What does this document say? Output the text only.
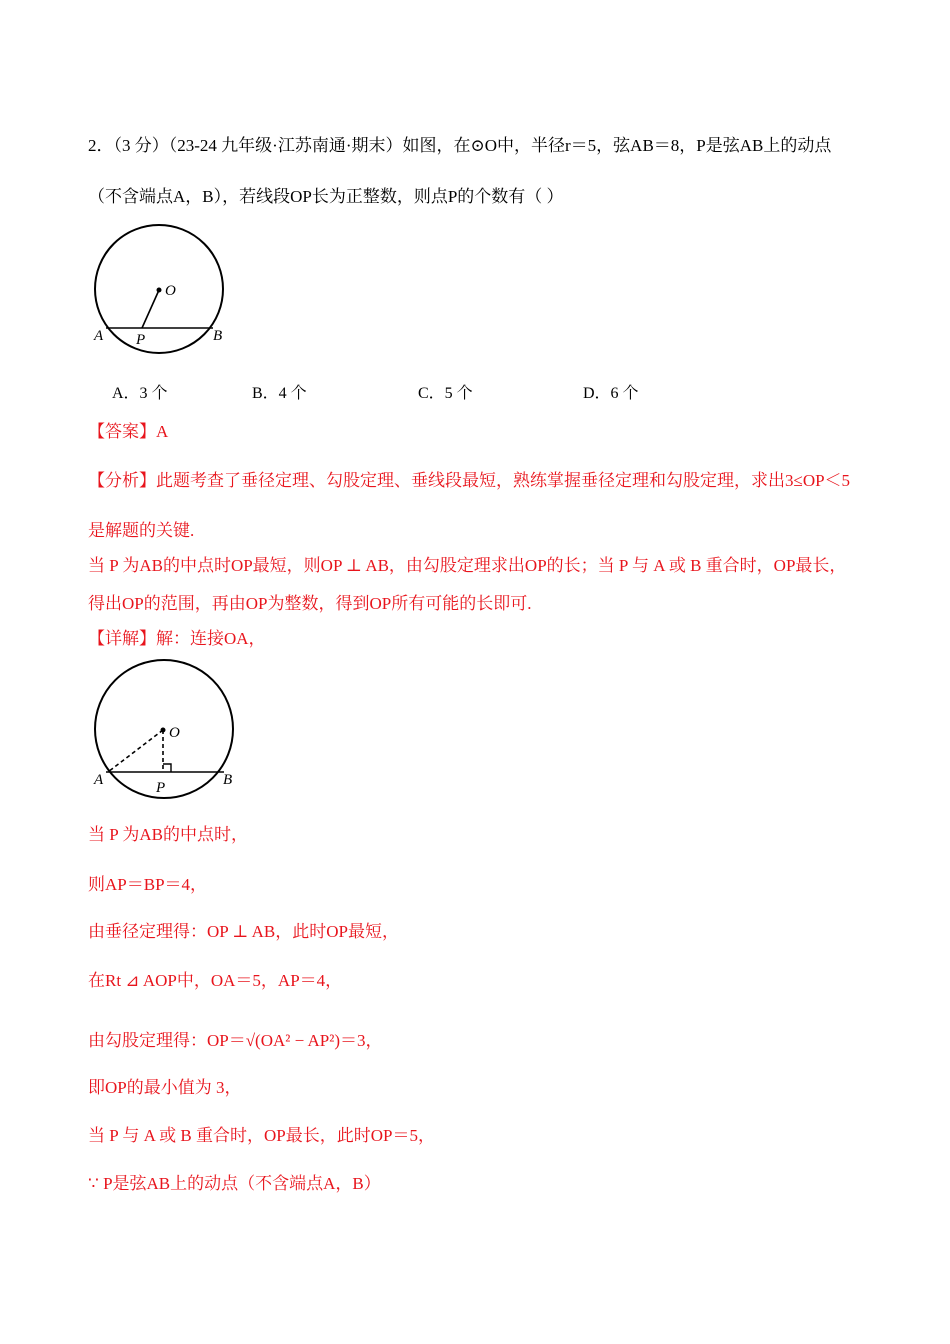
2．（3 分）（23-24 九年级·江苏南通·期末）如图，在⊙O中，半径r＝5，弦AB＝8，P是弦AB上的动点
（不含端点A，B），若线段OP长为正整数，则点P的个数有（ ）
O
A P	B
A．3 个	B．4 个	C．5 个	D．6 个
【答案】A
【分析】此题考查了垂径定理、勾股定理、垂线段最短，熟练掌握垂径定理和勾股定理，求出3≤OP＜5
是解题的关键.
当 P 为AB的中点时OP最短，则OP ⊥ AB，由勾股定理求出OP的长；当 P 与 A 或 B 重合时，OP最长，
得出OP的范围，再由OP为整数，得到OP所有可能的长即可.
【详解】解：连接OA，
O
A	P	B
当 P 为AB的中点时，
则AP＝BP＝4，
由垂径定理得：OP ⊥ AB，此时OP最短，
在Rt ⊿ AOP中，OA＝5，AP＝4，
由勾股定理得：OP＝√(OA² − AP²)＝3，
即OP的最小值为 3，
当 P 与 A 或 B 重合时，OP最长，此时OP＝5，
∵ P是弦AB上的动点（不含端点A，B）
